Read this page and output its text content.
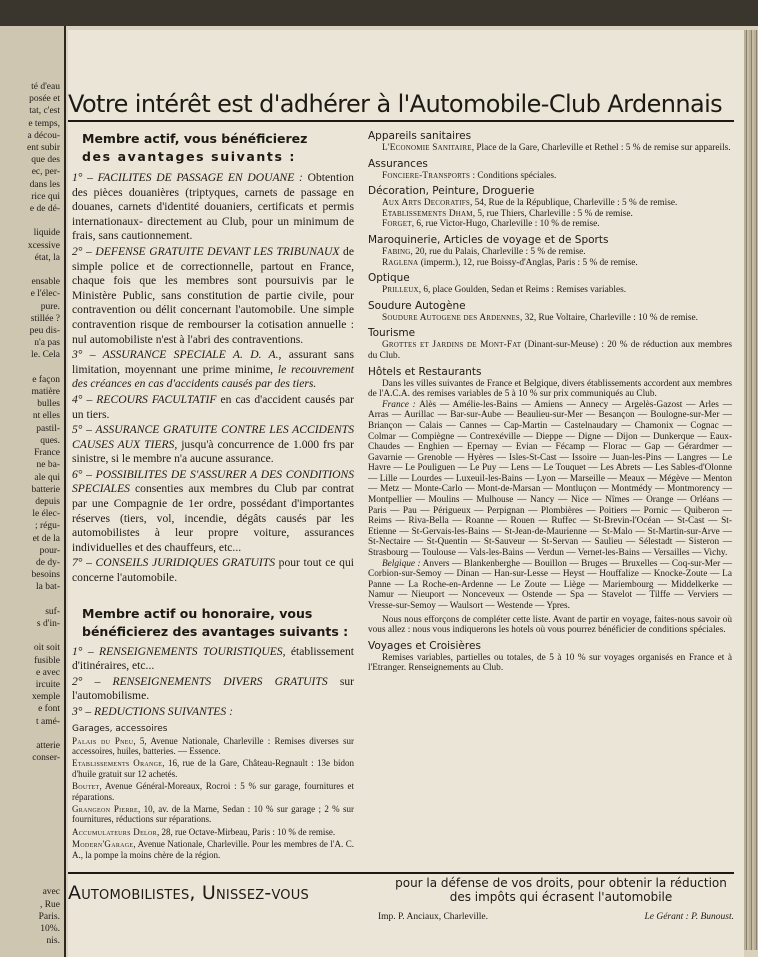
té d'eau
posée et
tat, c'est
e temps,
a décou-
ent subir
que des
ec, per-
dans les
rice qui
e de dé-

liquide
xcessive
état, la

ensable
e l'élec-
pure.
stillée ?
peu dis-
n'a pas
le. Cela

e façon
matière
bulles
nt elles
pastil-
ques.
France
ne ba-
ale qui
batterie
depuis
le élec-
; régu-
et de la
pour-
de dy-
besoins
la bat-

suf-
s d'in-

oit soit
fusible
e avec
ircuite
xemple
e font
t amé-

atterie
conser-

avec
, Rue
Paris.
10%.
nis.
Votre intérêt est d'adhérer à l'Automobile-Club Ardennais
Membre actif, vous bénéficierez
des avantages suivants :

1° – FACILITES DE PASSAGE EN DOUANE : Obtention des pièces douanières (triptyques, carnets de passage en douanes, carnets d'identité douaniers, certificats et permis internationaux- directement au Club, pour un minimum de frais, sans cautionnement.

2° – DEFENSE GRATUITE DEVANT LES TRIBUNAUX de simple police et de correctionnelle, partout en France, chaque fois que les membres sont poursuivis par le Ministère Public, sans constitution de partie civile, pour contravention ou délit concernant l'automobile. Une simple contravention risque de rembourser la cotisation annuelle : nul automobiliste n'est à l'abri des contraventions.

3° – ASSURANCE SPECIALE A. D. A., assurant sans limitation, moyennant une prime minime, le recouvrement des créances en cas d'accidents causés par des tiers.

4° – RECOURS FACULTATIF en cas d'accident causés par un tiers.

5° – ASSURANCE GRATUITE CONTRE LES ACCIDENTS CAUSES AUX TIERS, jusqu'à concurrence de 1.000 frs par sinistre, si le membre n'a aucune assurance.

6° – POSSIBILITES DE S'ASSURER A DES CONDITIONS SPECIALES consenties aux membres du Club par contrat par une Compagnie de 1er ordre, possédant d'importantes réserves (tiers, vol, incendie, dégâts causés par les automobilistes à leur propre voiture, assurances individuelles et des chauffeurs, etc...

7° – CONSEILS JURIDIQUES GRATUITS pour tout ce qui concerne l'automobile.

Membre actif ou honoraire, vous
bénéficierez des avantages suivants :

1° – RENSEIGNEMENTS TOURISTIQUES, établissement d'itinéraires, etc...

2° – RENSEIGNEMENTS DIVERS GRATUITS sur l'automobilisme.

3° – REDUCTIONS SUIVANTES :

Garages, accessoires

Palais du Pneu, 5, Avenue Nationale, Charleville : Remises diverses sur accessoires, huiles, batteries. — Essence.

Etablissements Orange, 16, rue de la Gare, Château-Regnault : 13e bidon d'huile gratuit sur 12 achetés.

Boutet, Avenue Général-Moreaux, Rocroi : 5 % sur garage, fournitures et réparations.

Grangeon Pierre, 10, av. de la Marne, Sedan : 10 % sur garage ; 2 % sur fournitures, réductions sur réparations.

Accumulateurs Delor, 28, rue Octave-Mirbeau, Paris : 10 % de remise.

Modern'Garage, Avenue Nationale, Charleville. Pour les membres de l'A. C. A., la pompe la moins chère de la région.

Appareils sanitaires

L'Economie Sanitaire, Place de la Gare, Charleville et Rethel : 5 % de remise sur appareils.

Assurances

Fonciere-Transports : Conditions spéciales.

Décoration, Peinture, Droguerie

Aux Arts Decoratifs, 54, Rue de la République, Charleville : 5 % de remise.

Etablissements Dham, 5, rue Thiers, Charleville : 5 % de remise.

Forget, 6, rue Victor-Hugo, Charleville : 10 % de remise.

Maroquinerie, Articles de voyage et de Sports

Fabing, 20, rue du Palais, Charleville : 5 % de remise.

Raglena (imperm.), 12, rue Boissy-d'Anglas, Paris : 5 % de remise.

Optique

Prilleux, 6, place Goulden, Sedan et Reims : Remises variables.

Soudure Autogène

Soudure Autogene des Ardennes, 32, Rue Voltaire, Charleville : 10 % de remise.

Tourisme

Grottes et Jardins de Mont-Fat (Dinant-sur-Meuse) : 20 % de réduction aux membres du Club.

Hôtels et Restaurants

Dans les villes suivantes de France et Belgique, divers établissements accordent aux membres de l'A.C.A. des remises variables de 5 à 10 % sur prix communiqués au Club.

France : Alès — Amélie-les-Bains — Amiens — Annecy — Argelès-Gazost — Arles — Arras — Aurillac — Bar-sur-Aube — Beaulieu-sur-Mer — Besançon — Boulogne-sur-Mer — Briançon — Calais — Cannes — Cap-Martin — Castelnaudary — Chamonix — Cognac — Colmar — Compiègne — Contrexéville — Dieppe — Digne — Dijon — Dunkerque — Eaux-Chaudes — Enghien — Epernay — Evian — Fécamp — Florac — Gap — Gérardmer — Gavarnie — Grenoble — Hyères — Isles-St-Cast — Issoire — Juan-les-Pins — Langres — Le Havre — Le Pouliguen — Le Puy — Lens — Le Touquet — Les Abrets — Les Sables-d'Olonne — Lille — Lourdes — Luxeuil-les-Bains — Lyon — Marseille — Meaux — Mégève — Menton — Metz — Monte-Carlo — Mont-de-Marsan — Montluçon — Montmédy — Montmorency — Montpellier — Moulins — Mulhouse — Nancy — Nice — Nîmes — Orange — Orléans — Paris — Pau — Périgueux — Perpignan — Plombières — Poitiers — Pornic — Quiberon — Reims — Riva-Bella — Roanne — Rouen — Ruffec — St-Brevin-l'Océan — St-Cast — St-Etienne — St-Gervais-les-Bains — St-Jean-de-Maurienne — St-Malo — St-Martin-sur-Arve — St-Nectaire — St-Quentin — St-Sauveur — St-Servan — Saulieu — Sélestadt — Sisteron — Strasbourg — Toulouse — Vals-les-Bains — Verdun — Vernet-les-Bains — Versailles — Vichy.

Belgique : Anvers — Blankenberghe — Bouillon — Bruges — Bruxelles — Coq-sur-Mer — Corbion-sur-Semoy — Dinan — Han-sur-Lesse — Heyst — Houffalize — Knocke-Zoute — La Panne — La Roche-en-Ardenne — Le Zoute — Liège — Mariembourg — Middelkerke — Namur — Nieuport — Nonceveux — Ostende — Spa — Stavelot — Tilffe — Verviers — Vresse-sur-Semoy — Waulsort — Westende — Ypres.

Nous nous efforçons de compléter cette liste. Avant de partir en voyage, faites-nous savoir où vous allez : nous vous indiquerons les hotels où vous pourrez bénéficier de conditions spéciales.

Voyages et Croisières

Remises variables, partielles ou totales, de 5 à 10 % sur voyages organisés en France et à l'Etranger. Renseignements au Club.

Automobilistes, Unissez-vous	pour la défense de vos droits, pour obtenir la réduction des impôts qui écrasent l'automobile
Imp. P. Anciaux, Charleville.	Le Gérant : P. Bunoust.
